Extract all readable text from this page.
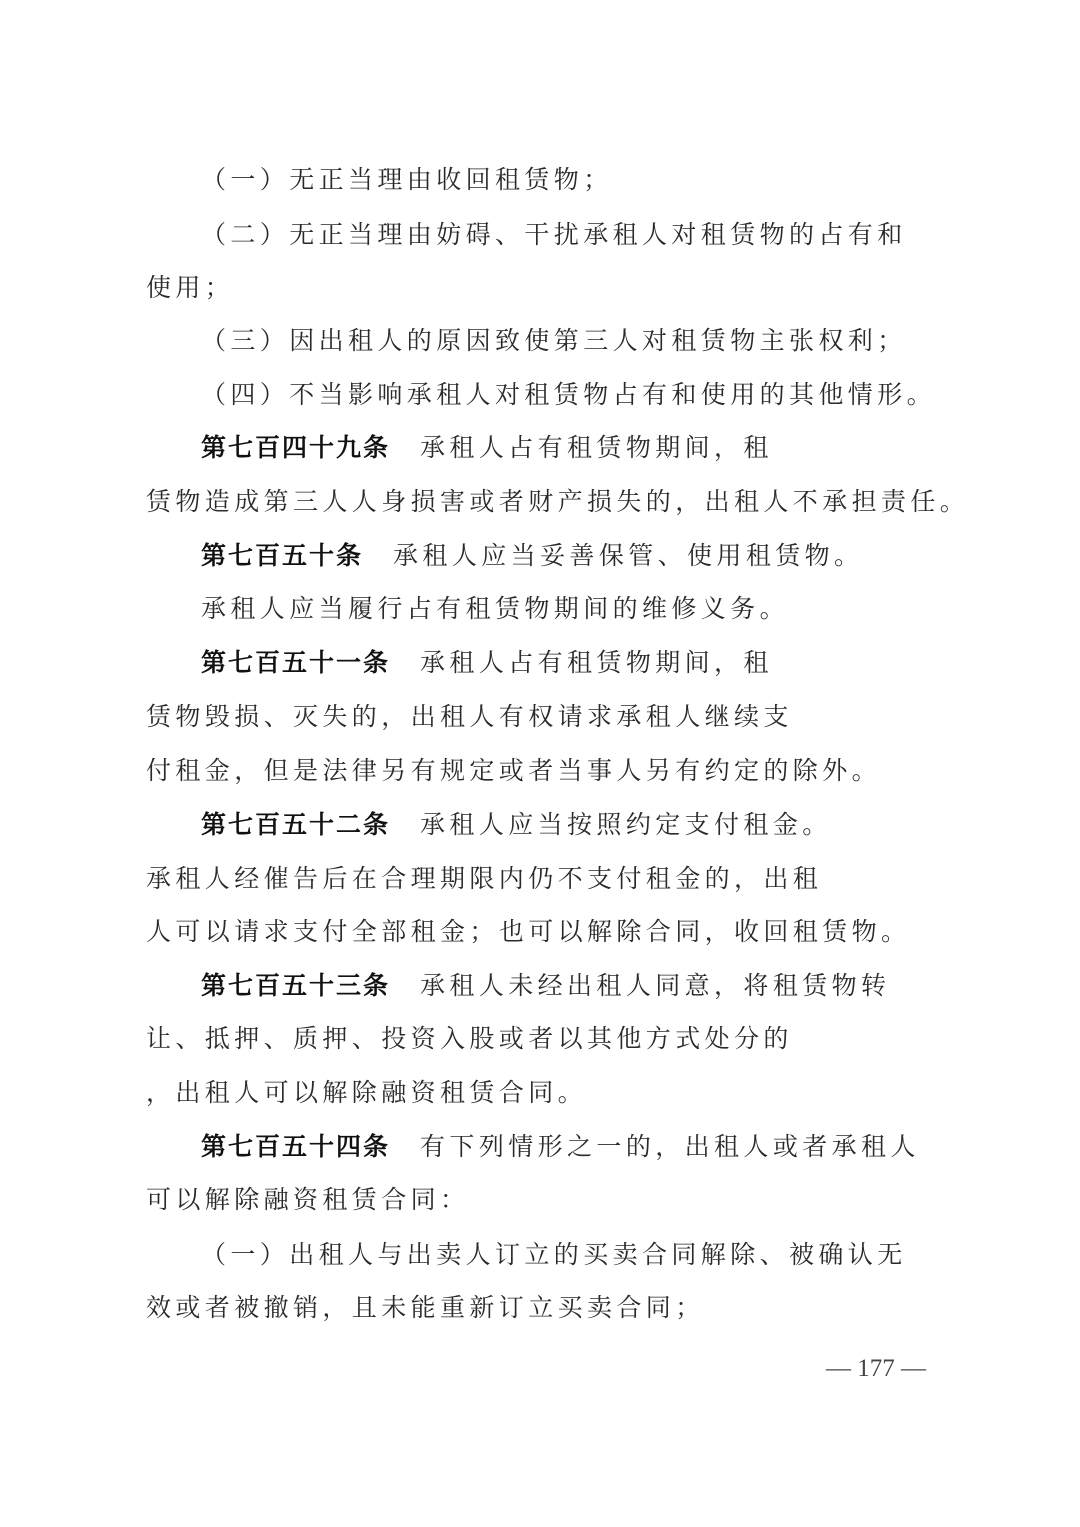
（一）无正当理由收回租赁物；
（二）无正当理由妨碍、干扰承租人对租赁物的占有和
使用；
（三）因出租人的原因致使第三人对租赁物主张权利；
（四）不当影响承租人对租赁物占有和使用的其他情形。
第七百四十九条 承租人占有租赁物期间，租
赁物造成第三人人身损害或者财产损失的，出租人不承担责任。
第七百五十条 承租人应当妥善保管、使用租赁物。
承租人应当履行占有租赁物期间的维修义务。
第七百五十一条 承租人占有租赁物期间，租
赁物毁损、灭失的，出租人有权请求承租人继续支
付租金，但是法律另有规定或者当事人另有约定的除外。
第七百五十二条 承租人应当按照约定支付租金。
承租人经催告后在合理期限内仍不支付租金的，出租
人可以请求支付全部租金；也可以解除合同，收回租赁物。
第七百五十三条 承租人未经出租人同意，将租赁物转
让、抵押、质押、投资入股或者以其他方式处分的
，出租人可以解除融资租赁合同。
第七百五十四条 有下列情形之一的，出租人或者承租人
可以解除融资租赁合同：
（一）出租人与出卖人订立的买卖合同解除、被确认无
效或者被撤销，且未能重新订立买卖合同；
— 177 —
